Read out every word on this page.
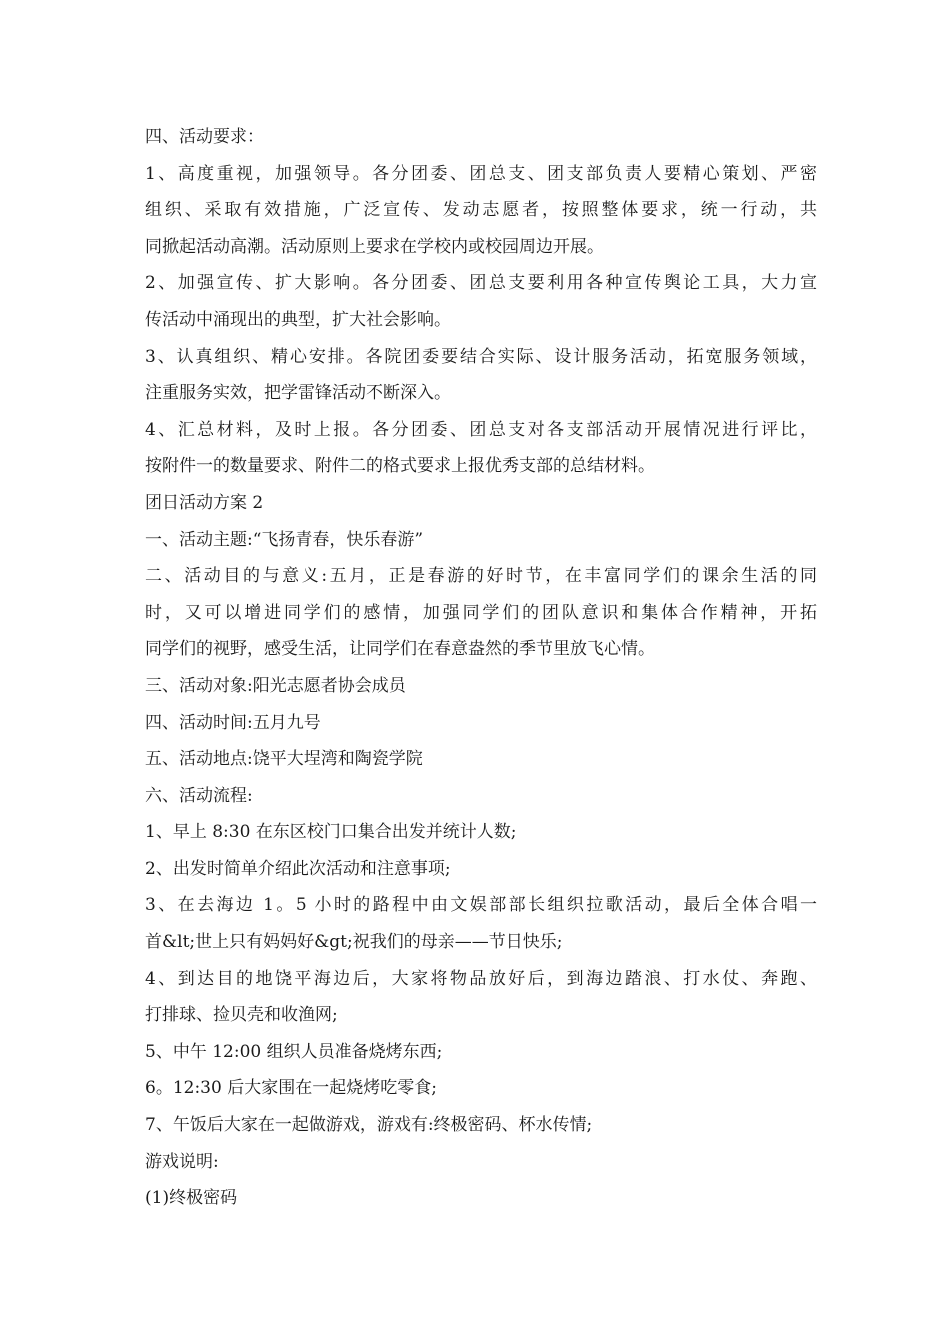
四、活动要求：
1、高度重视，加强领导。各分团委、团总支、团支部负责人要精心策划、严密
组织、采取有效措施，广泛宣传、发动志愿者，按照整体要求，统一行动，共
同掀起活动高潮。活动原则上要求在学校内或校园周边开展。
2、加强宣传、扩大影响。各分团委、团总支要利用各种宣传舆论工具，大力宣
传活动中涌现出的典型，扩大社会影响。
3、认真组织、精心安排。各院团委要结合实际、设计服务活动，拓宽服务领域，
注重服务实效，把学雷锋活动不断深入。
4、汇总材料，及时上报。各分团委、团总支对各支部活动开展情况进行评比，
按附件一的数量要求、附件二的格式要求上报优秀支部的总结材料。
团日活动方案 2
一、活动主题:“飞扬青春，快乐春游”
二、活动目的与意义:五月，正是春游的好时节，在丰富同学们的课余生活的同
时，又可以增进同学们的感情，加强同学们的团队意识和集体合作精神，开拓
同学们的视野，感受生活，让同学们在春意盎然的季节里放飞心情。
三、活动对象:阳光志愿者协会成员
四、活动时间:五月九号
五、活动地点:饶平大埕湾和陶瓷学院
六、活动流程:
1、早上 8:30 在东区校门口集合出发并统计人数;
2、出发时简单介绍此次活动和注意事项;
3、在去海边 1。5 小时的路程中由文娱部部长组织拉歌活动，最后全体合唱一
首&lt;世上只有妈妈好&gt;祝我们的母亲——节日快乐;
4、到达目的地饶平海边后，大家将物品放好后，到海边踏浪、打水仗、奔跑、
打排球、捡贝壳和收渔网;
5、中午 12:00 组织人员准备烧烤东西;
6。12:30 后大家围在一起烧烤吃零食;
7、午饭后大家在一起做游戏，游戏有:终极密码、杯水传情;
游戏说明:
(1)终极密码
